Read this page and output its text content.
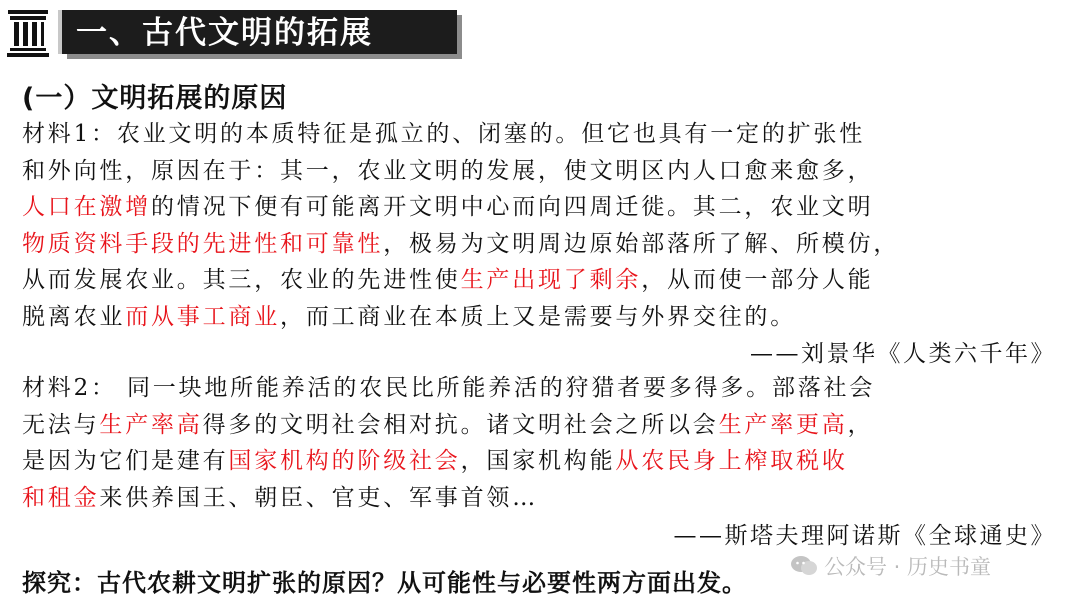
一、古代文明的拓展
(一）文明拓展的原因

材料1：农业文明的本质特征是孤立的、闭塞的。但它也具有一定的扩张性

和外向性，原因在于：其一，农业文明的发展，使文明区内人口愈来愈多，

人口在激增的情况下便有可能离开文明中心而向四周迁徙。其二，农业文明

物质资料手段的先进性和可靠性，极易为文明周边原始部落所了解、所模仿，

从而发展农业。其三，农业的先进性使生产出现了剩余，从而使一部分人能

脱离农业而从事工商业，而工商业在本质上又是需要与外界交往的。

——刘景华《人类六千年》

材料2： 同一块地所能养活的农民比所能养活的狩猎者要多得多。部落社会

无法与生产率高得多的文明社会相对抗。诸文明社会之所以会生产率更高，

是因为它们是建有国家机构的阶级社会，国家机构能从农民身上榨取税收

和租金来供养国王、朝臣、官吏、军事首领…

——斯塔夫理阿诺斯《全球通史》
公众号 · 历史书童
探究：古代农耕文明扩张的原因？从可能性与必要性两方面出发。
